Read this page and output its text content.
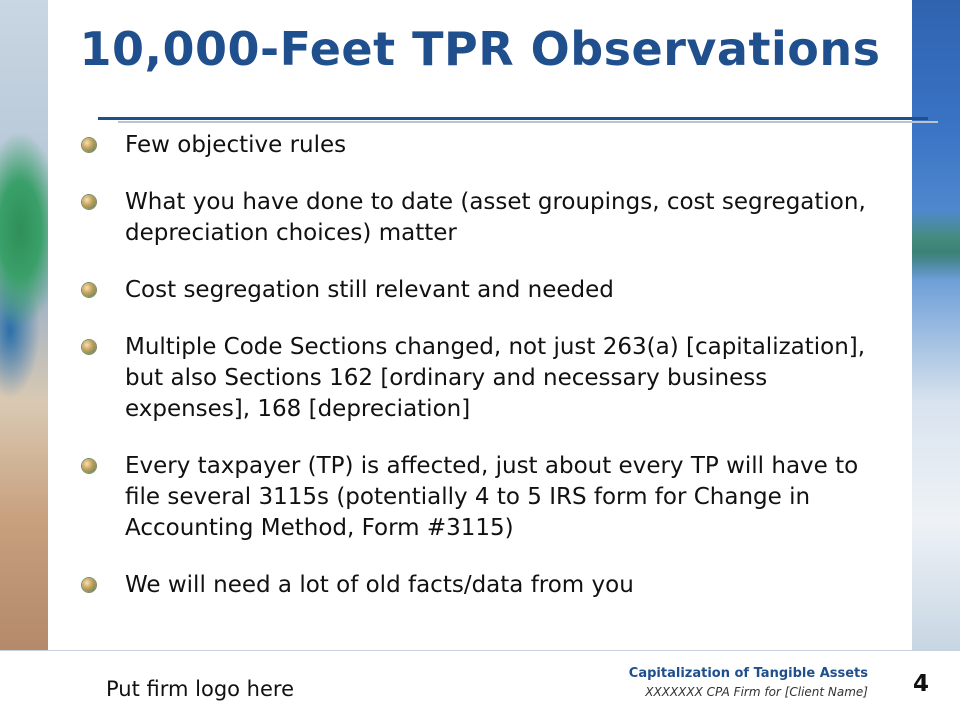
10,000-Feet TPR Observations
Few objective rules
What you have done to date (asset groupings, cost segregation, depreciation choices) matter
Cost segregation still relevant and needed
Multiple Code Sections changed, not just 263(a) [capitalization], but also Sections 162 [ordinary and necessary business expenses], 168 [depreciation]
Every taxpayer (TP) is affected, just about every TP will have to file several 3115s (potentially 4 to 5 IRS form for Change in Accounting Method, Form #3115)
We will need a lot of old facts/data from you
Put firm logo here
Capitalization of Tangible Assets
XXXXXXX CPA Firm for [Client Name]	4
